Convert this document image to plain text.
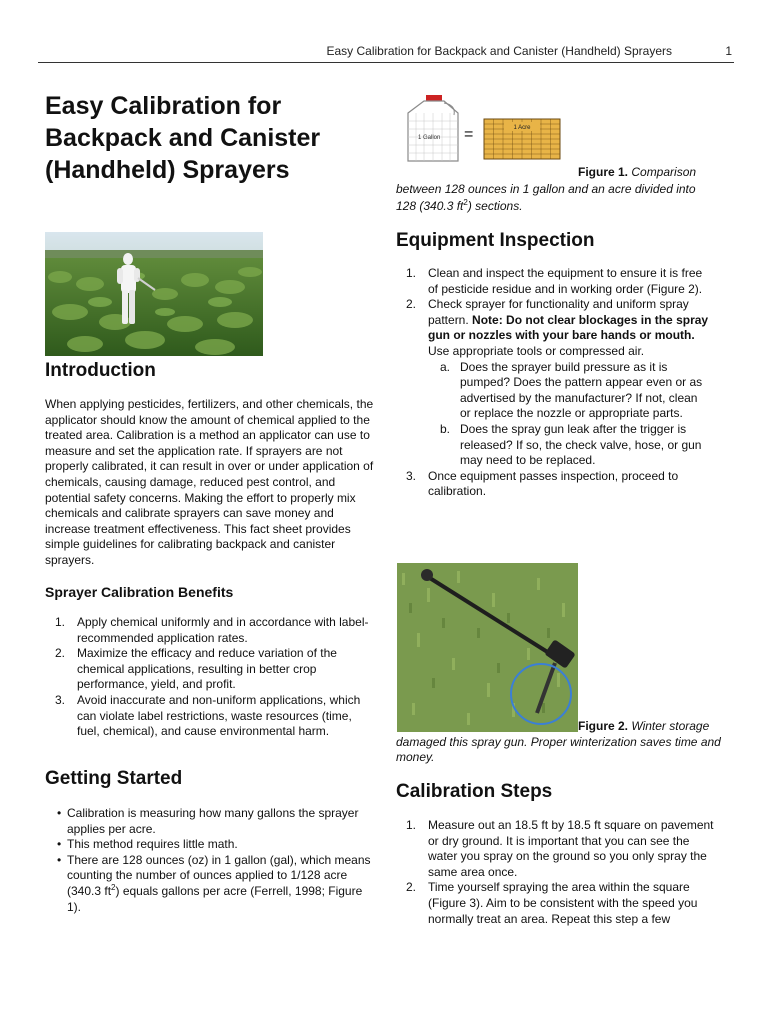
Easy Calibration for Backpack and Canister (Handheld) Sprayers	1
Easy Calibration for Backpack and Canister (Handheld) Sprayers
Introduction
When applying pesticides, fertilizers, and other chemicals, the applicator should know the amount of chemical applied to the treated area. Calibration is a method an applicator can use to measure and set the application rate. If sprayers are not properly calibrated, it can result in over or under application of chemicals, causing damage, reduced pest control, and potential safety concerns. Making the effort to properly mix chemicals and calibrate sprayers can save money and increase treatment effectiveness. This fact sheet provides simple guidelines for calibrating backpack and canister sprayers.
Sprayer Calibration Benefits
1. Apply chemical uniformly and in accordance with label-recommended application rates.
2. Maximize the efficacy and reduce variation of the chemical applications, resulting in better crop performance, yield, and profit.
3. Avoid inaccurate and non-uniform applications, which can violate label restrictions, waste resources (time, fuel, chemical), and cause environmental harm.
Getting Started
• Calibration is measuring how many gallons the sprayer applies per acre.
• This method requires little math.
• There are 128 ounces (oz) in 1 gallon (gal), which means counting the number of ounces applied to 1/128 acre (340.3 $ft^2$) equals gallons per acre (Ferrell, 1998; Figure 1).
1 Gallon =	1 Acre
Figure 1. Comparison between 128 ounces in 1 gallon and an acre divided into 128 (340.3 $ft^2$) sections.
Equipment Inspection
1. Clean and inspect the equipment to ensure it is free of pesticide residue and in working order (Figure 2).
2. Check sprayer for functionality and uniform spray pattern. Note: Do not clear blockages in the spray gun or nozzles with your bare hands or mouth. Use appropriate tools or compressed air.
a. Does the sprayer build pressure as it is pumped? Does the pattern appear even or as advertised by the manufacturer? If not, clean or replace the nozzle or appropriate parts.
b. Does the spray gun leak after the trigger is released? If so, the check valve, hose, or gun may need to be replaced.
3. Once equipment passes inspection, proceed to calibration.
Figure 2. Winter storage damaged this spray gun. Proper winterization saves time and money.
Calibration Steps
1. Measure out an 18.5 ft by 18.5 ft square on pavement or dry ground. It is important that you can see the water you spray on the ground so you only spray the same area once.
2. Time yourself spraying the area within the square (Figure 3). Aim to be consistent with the speed you normally treat an area. Repeat this step a few
